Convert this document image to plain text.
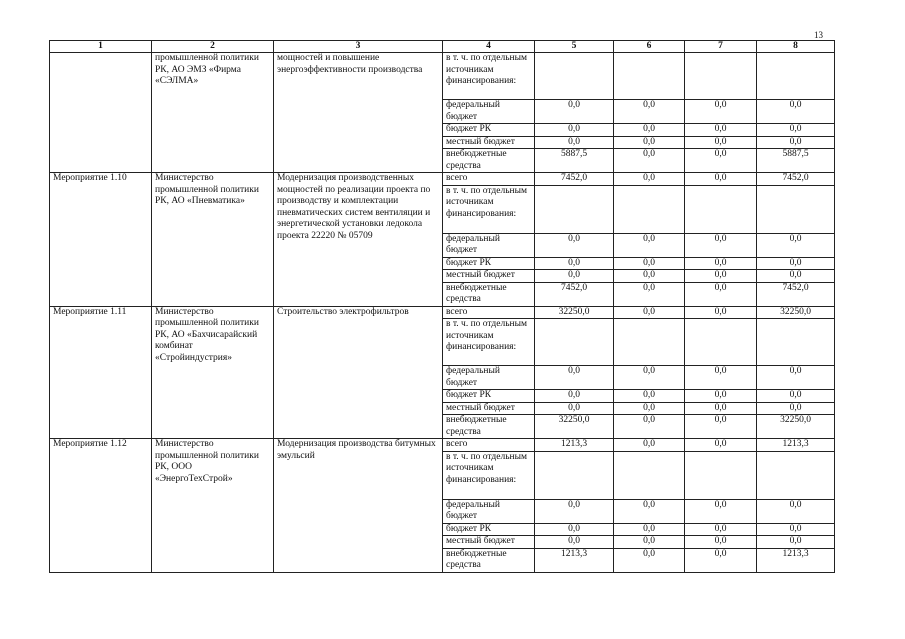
13
1	2	3	4	5	6	7	8
	промышленной политики РК, АО ЭМЗ «Фирма «СЭЛМА»	мощностей и повышение энергоэффективности производства	в т. ч. по отдельным источникам финансирования:				
			федеральный бюджет	0,0	0,0	0,0	0,0
			бюджет РК	0,0	0,0	0,0	0,0
			местный бюджет	0,0	0,0	0,0	0,0
			внебюджетные средства	5887,5	0,0	0,0	5887,5
Мероприятие 1.10	Министерство промышленной политики РК, АО «Пневматика»	Модернизация производственных мощностей по реализации проекта по производству и комплектации пневматических систем вентиляции и энергетической установки ледокола проекта 22220 № 05709	всего	7452,0	0,0	0,0	7452,0
			в т. ч. по отдельным источникам финансирования:				
			федеральный бюджет	0,0	0,0	0,0	0,0
			бюджет РК	0,0	0,0	0,0	0,0
			местный бюджет	0,0	0,0	0,0	0,0
			внебюджетные средства	7452,0	0,0	0,0	7452,0
Мероприятие 1.11	Министерство промышленной политики РК, АО «Бахчисарайский комбинат «Стройиндустрия»	Строительство электрофильтров	всего	32250,0	0,0	0,0	32250,0
			в т. ч. по отдельным источникам финансирования:				
			федеральный бюджет	0,0	0,0	0,0	0,0
			бюджет РК	0,0	0,0	0,0	0,0
			местный бюджет	0,0	0,0	0,0	0,0
			внебюджетные средства	32250,0	0,0	0,0	32250,0
Мероприятие 1.12	Министерство промышленной политики РК, ООО «ЭнергоТехСтрой»	Модернизация производства битумных эмульсий	всего	1213,3	0,0	0,0	1213,3
			в т. ч. по отдельным источникам финансирования:				
			федеральный бюджет	0,0	0,0	0,0	0,0
			бюджет РК	0,0	0,0	0,0	0,0
			местный бюджет	0,0	0,0	0,0	0,0
			внебюджетные средства	1213,3	0,0	0,0	1213,3
